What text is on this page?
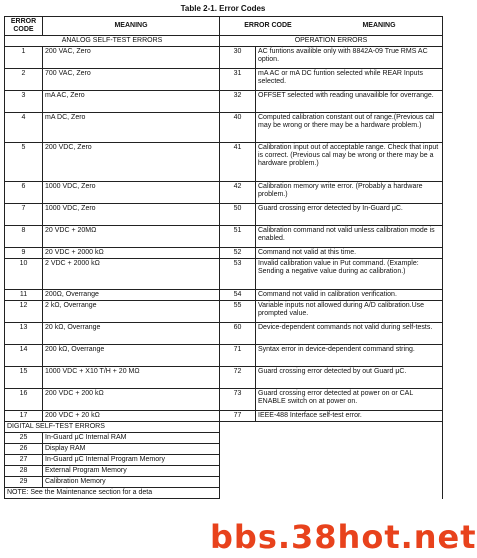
Table 2-1. Error Codes
ERROR CODE	MEANING	ERROR CODE MEANING	

ANALOG SELF-TEST ERRORS		OPERATION ERRORS	
1	200 VAC, Zero	30	AC funtions availible only with 8842A-09 True RMS AC option.
2	700 VAC, Zero	31	mA AC or mA DC funtion selected while REAR Inputs selected.
3	mA AC, Zero	32	OFFSET selected with reading unavailible for overrange.
4	mA DC, Zero	40	Computed calibration constant out of range.(Previous cal may be wrong or there may be a hardware problem.)
5	200 VDC, Zero	41	Calibration input out of acceptable range. Check that input is correct. (Previous cal may be wrong or there may be a hardware problem.)
6	1000 VDC, Zero	42	Calibration memory write error. (Probably a hardware problem.)
7	1000 VDC, Zero	50	Guard crossing error detected by In-Guard μC.
8	20 VDC + 20MΩ	51	Calibration command not valid unless calibration mode is enabled.
9	20 VDC + 2000 kΩ	52	Command not valid at this time.
10	2 VDC + 2000 kΩ	53	Invalid calibration value in Put command. (Example: Sending a negative value during ac calibration.)
11	200Ω, Overrange	54	Command not valid in calibration verification.
12	2 kΩ, Overrange	55	Variable inputs not allowed during A/D calibration.Use prompted value.
13	20 kΩ, Overrange	60	Device-dependent commands not valid during self-tests.
14	200 kΩ, Overrange	71	Syntax error in device-dependent command string.
15	1000 VDC + X10 T/H + 20 MΩ	72	Guard crossing error detected by out Guard μC.
16	200 VDC + 200 kΩ	73	Guard crossing error detected at power on or CAL ENABLE switch on at power on.
17	200 VDC + 20 kΩ	77	IEEE-488 Interface self-test error.
DIGITAL SELF-TEST ERRORS			
25	In-Guard μC Internal RAM		
26	Display RAM		
27	In-Guard μC Internal Program Memory		
28	External Program Memory		
29	Calibration Memory		
NOTE: See the Maintenance section for a deta			
bbs.38hot.net
